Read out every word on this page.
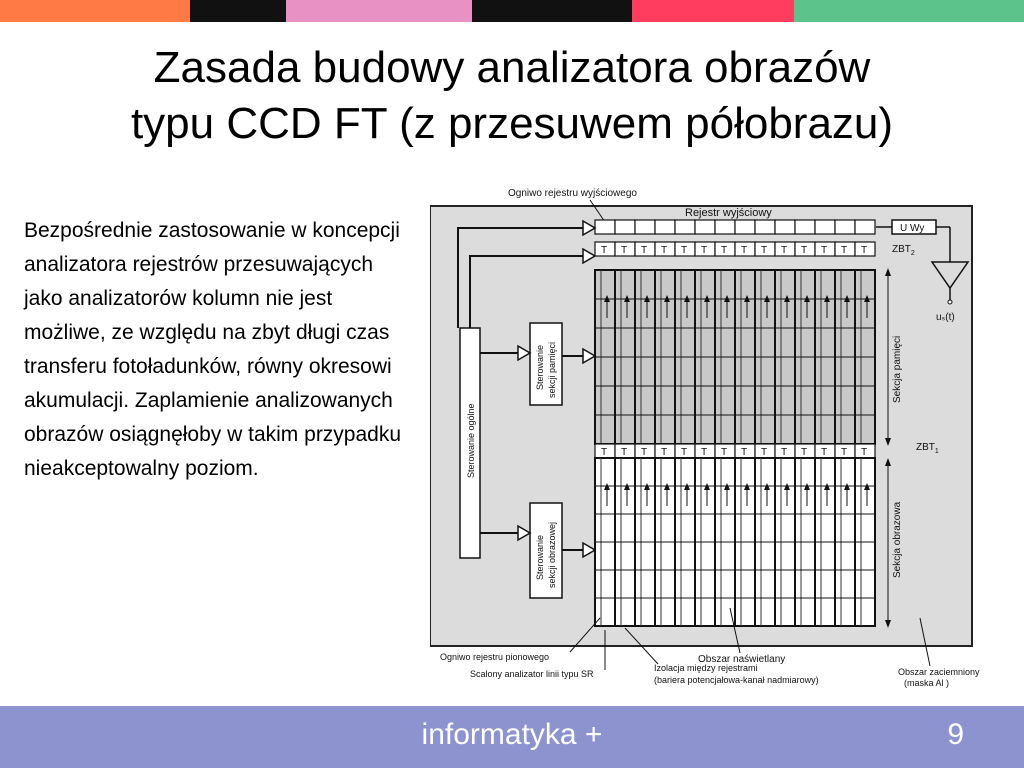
Zasada budowy analizatora obrazów
typu CCD FT (z przesuwem półobrazu)
Bezpośrednie zastosowanie w koncepcji analizatora rejestrów przesuwających jako analizatorów kolumn nie jest możliwe, ze względu na zbyt długi czas transferu fotoładunków, równy okresowi akumulacji. Zaplamienie analizowanych obrazów osiągnęłoby w takim przypadku nieakceptowalny poziom.
Ogniwo rejestru wyjściowego
Rejestr wyjściowy
U Wy
T T T T T T T T T T T T T T $ZBT_2$
T T T T T T T T T T T T T T	$ZBT_1$
Sekcja pamięci
Sekcja obrazowa
uₛ(t)
Sterowanie ogólne
Sterowanie sekcji pamięci
Sterowanie sekcji obrazowej
Obszar naświetlany
Ogniwo rejestru pionowego
Scalony analizator linii typu SR
Izolacja między rejestrami
(bariera potencjałowa-kanał nadmiarowy)
Obszar zaciemniony
(maska Al )
informatyka +	9
